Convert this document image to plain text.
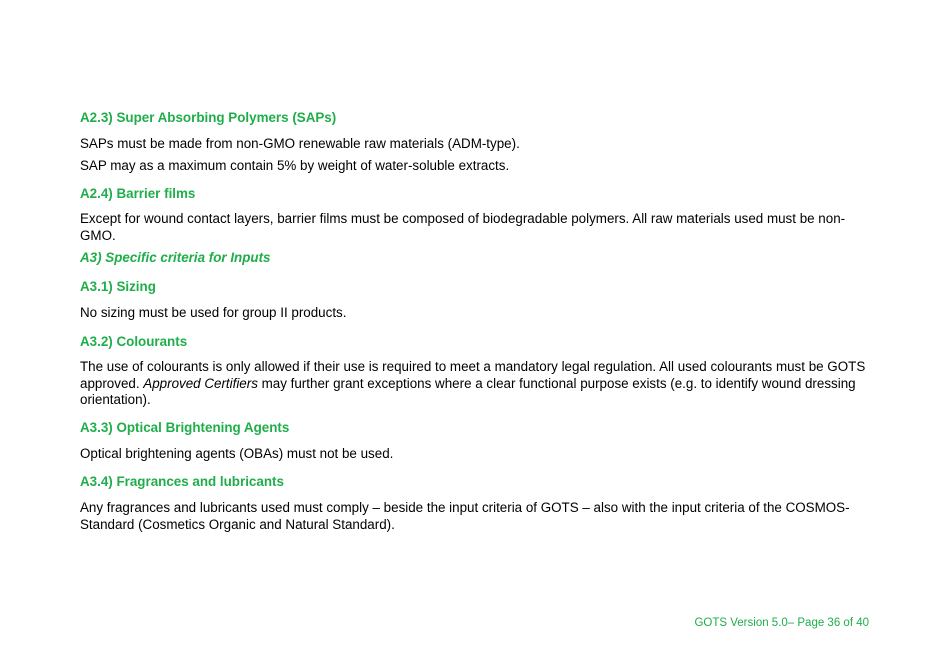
A2.3) Super Absorbing Polymers (SAPs)

SAPs must be made from non-GMO renewable raw materials (ADM-type).

SAP may as a maximum contain 5% by weight of water-soluble extracts.

A2.4) Barrier films

Except for wound contact layers, barrier films must be composed of biodegradable polymers. All raw materials used must be non-GMO.

A3) Specific criteria for Inputs
A3.1) Sizing

No sizing must be used for group II products.

A3.2) Colourants

The use of colourants is only allowed if their use is required to meet a mandatory legal regulation. All used colourants must be GOTS approved. Approved Certifiers may further grant exceptions where a clear functional purpose exists (e.g. to identify wound dressing orientation).

A3.3) Optical Brightening Agents

Optical brightening agents (OBAs) must not be used.

A3.4) Fragrances and lubricants

Any fragrances and lubricants used must comply – beside the input criteria of GOTS – also with the input criteria of the COSMOS-Standard (Cosmetics Organic and Natural Standard).

GOTS Version 5.0– Page 36 of 40
